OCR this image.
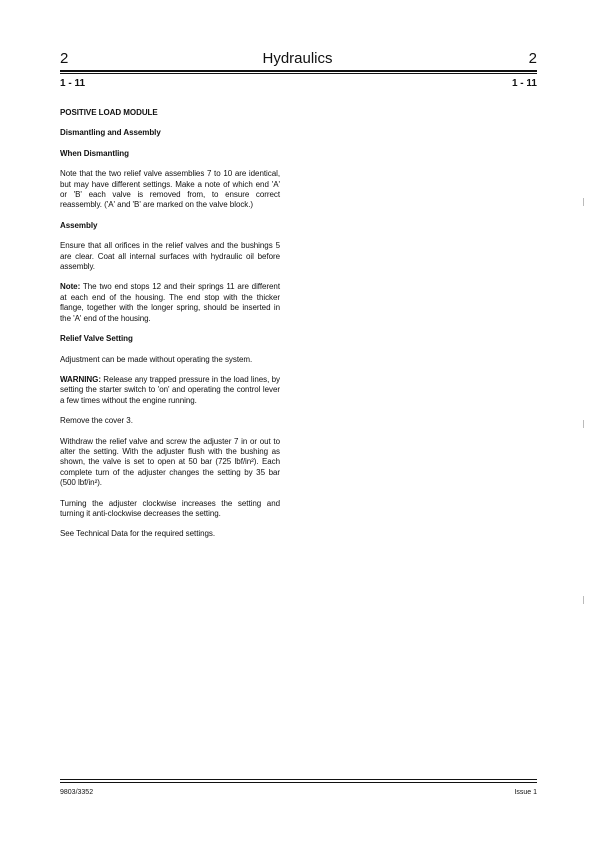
2	Hydraulics	2
1 - 11	1 - 11
POSITIVE LOAD MODULE
Dismantling and Assembly
When Dismantling

Note that the two relief valve assemblies 7 to 10 are identical, but may have different settings. Make a note of which end 'A' or 'B' each valve is removed from, to ensure correct reassembly. ('A' and 'B' are marked on the valve block.)

Assembly

Ensure that all orifices in the relief valves and the bushings 5 are clear. Coat all internal surfaces with hydraulic oil before assembly.

Note: The two end stops 12 and their springs 11 are different at each end of the housing. The end stop with the thicker flange, together with the longer spring, should be inserted in the 'A' end of the housing.

Relief Valve Setting

Adjustment can be made without operating the system.

WARNING: Release any trapped pressure in the load lines, by setting the starter switch to 'on' and operating the control lever a few times without the engine running.

Remove the cover 3.

Withdraw the relief valve and screw the adjuster 7 in or out to alter the setting. With the adjuster flush with the bushing as shown, the valve is set to open at 50 bar (725 lbf/in²). Each complete turn of the adjuster changes the setting by 35 bar (500 lbf/in²).

Turning the adjuster clockwise increases the setting and turning it anti-clockwise decreases the setting.

See Technical Data for the required settings.

9803/3352	Issue 1
